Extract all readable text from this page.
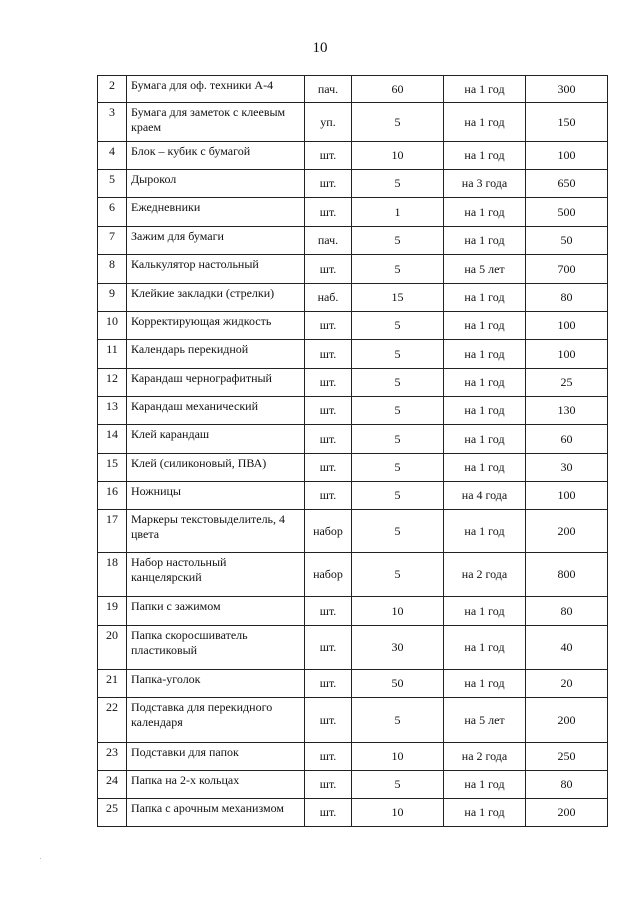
10
2	Бумага для оф. техники А-4	пач.	60	на 1 год	300
3	Бумага для заметок с клеевым краем	уп.	5	на 1 год	150
4	Блок – кубик с бумагой	шт.	10	на 1 год	100
5	Дырокол	шт.	5	на 3 года	650
6	Ежедневники	шт.	1	на 1 год	500
7	Зажим для бумаги	пач.	5	на 1 год	50
8	Калькулятор настольный	шт.	5	на 5 лет	700
9	Клейкие закладки (стрелки)	наб.	15	на 1 год	80
10	Корректирующая жидкость	шт.	5	на 1 год	100
11	Календарь перекидной	шт.	5	на 1 год	100
12	Карандаш чернографитный	шт.	5	на 1 год	25
13	Карандаш механический	шт.	5	на 1 год	130
14	Клей карандаш	шт.	5	на 1 год	60
15	Клей (силиконовый, ПВА)	шт.	5	на 1 год	30
16	Ножницы	шт.	5	на 4 года	100
17	Маркеры текстовыделитель, 4 цвета	набор	5	на 1 год	200
18	Набор настольный канцелярский	набор	5	на 2 года	800
19	Папки с зажимом	шт.	10	на 1 год	80
20	Папка скоросшиватель пластиковый	шт.	30	на 1 год	40
21	Папка-уголок	шт.	50	на 1 год	20
22	Подставка для перекидного календаря	шт.	5	на 5 лет	200
23	Подставки для папок	шт.	10	на 2 года	250
24	Папка на 2-х кольцах	шт.	5	на 1 год	80
25	Папка с арочным механизмом	шт.	10	на 1 год	200
